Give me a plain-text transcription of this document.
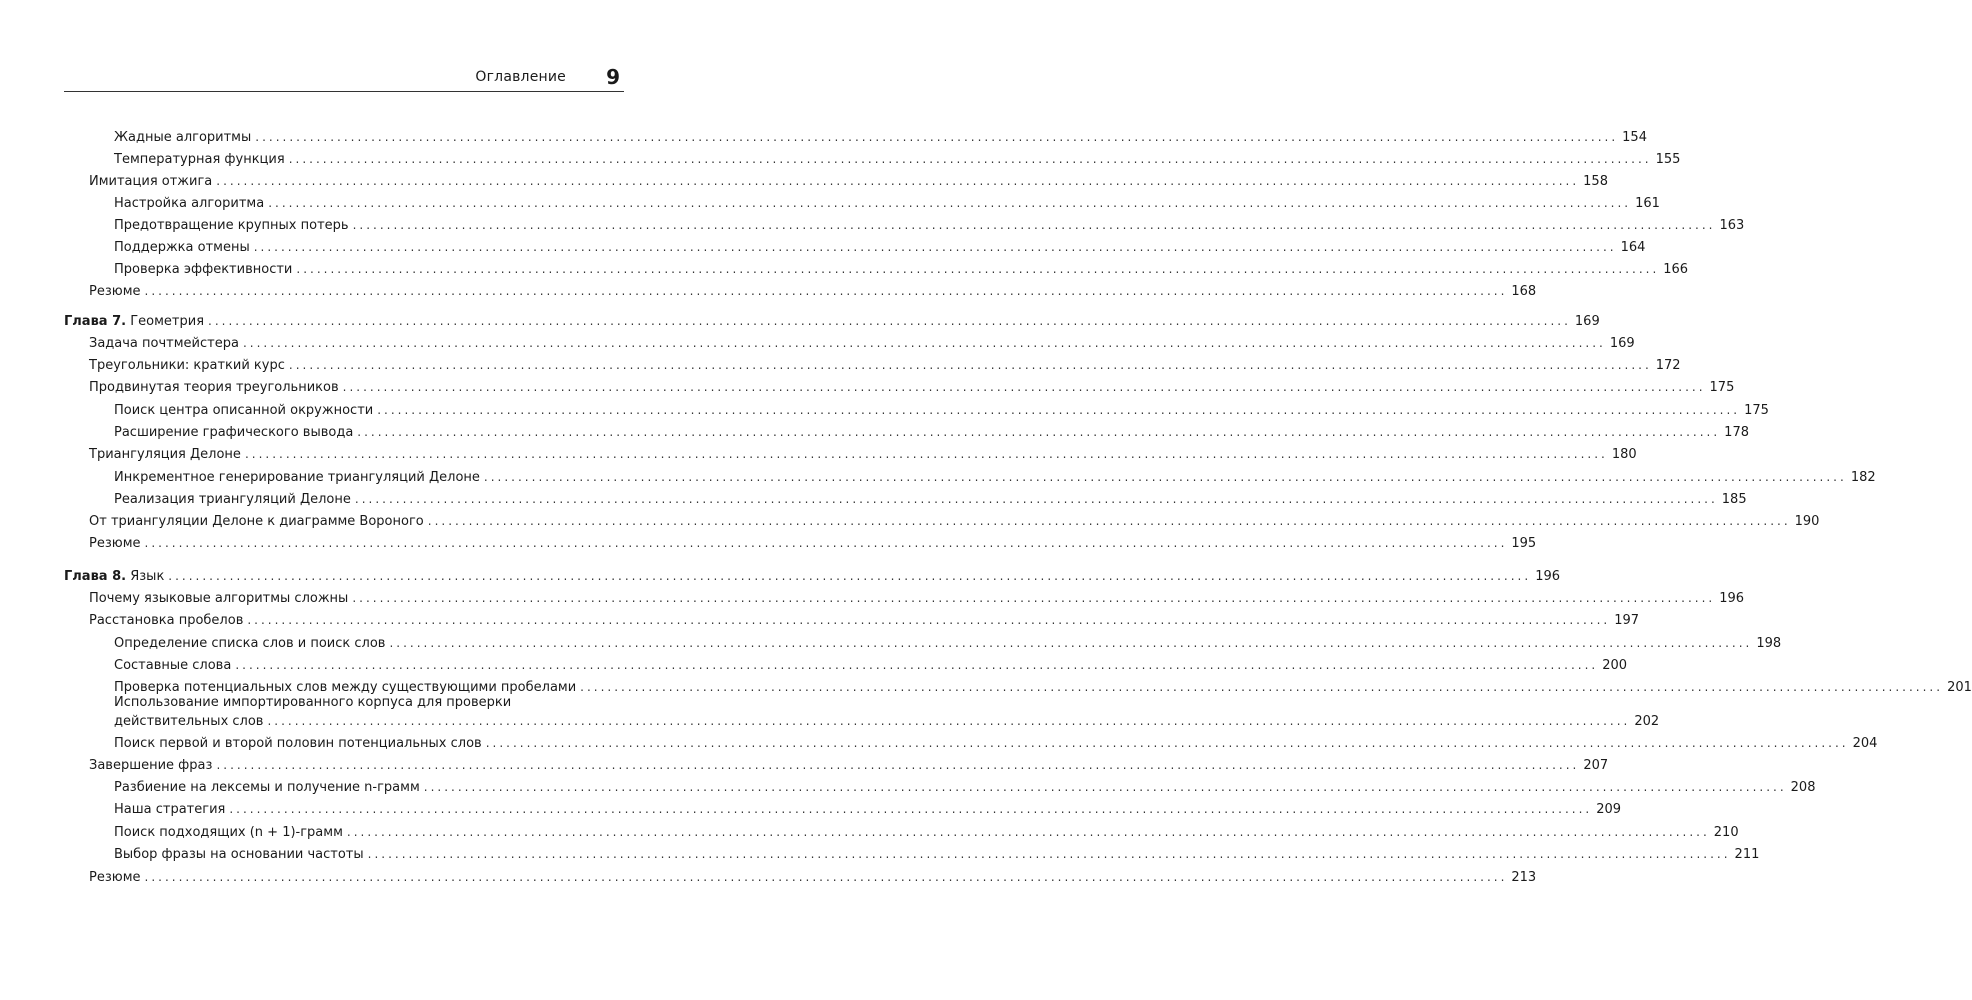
Оглавление 9
Жадные алгоритмы ........................................................................................................................................................................................................ 154
Температурная функция ........................................................................................................................................................................................................ 155
Имитация отжига ........................................................................................................................................................................................................ 158
Настройка алгоритма ........................................................................................................................................................................................................ 161
Предотвращение крупных потерь ........................................................................................................................................................................................................ 163
Поддержка отмены ........................................................................................................................................................................................................ 164
Проверка эффективности ........................................................................................................................................................................................................ 166
Резюме ........................................................................................................................................................................................................ 168
Глава 7. Геометрия ........................................................................................................................................................................................................ 169
Задача почтмейстера ........................................................................................................................................................................................................ 169
Треугольники: краткий курс ........................................................................................................................................................................................................ 172
Продвинутая теория треугольников ........................................................................................................................................................................................................ 175
Поиск центра описанной окружности ........................................................................................................................................................................................................ 175
Расширение графического вывода ........................................................................................................................................................................................................ 178
Триангуляция Делоне ........................................................................................................................................................................................................ 180
Инкрементное генерирование триангуляций Делоне ........................................................................................................................................................................................................ 182
Реализация триангуляций Делоне ........................................................................................................................................................................................................ 185
От триангуляции Делоне к диаграмме Вороного ........................................................................................................................................................................................................ 190
Резюме ........................................................................................................................................................................................................ 195
Глава 8. Язык ........................................................................................................................................................................................................ 196
Почему языковые алгоритмы сложны ........................................................................................................................................................................................................ 196
Расстановка пробелов ........................................................................................................................................................................................................ 197
Определение списка слов и поиск слов ........................................................................................................................................................................................................ 198
Составные слова ........................................................................................................................................................................................................ 200
Проверка потенциальных слов между существующими пробелами ........................................................................................................................................................................................................ 201
Использование импортированного корпуса для проверки
действительных слов ........................................................................................................................................................................................................ 202
Поиск первой и второй половин потенциальных слов ........................................................................................................................................................................................................ 204
Завершение фраз ........................................................................................................................................................................................................ 207
Разбиение на лексемы и получение n-грамм ........................................................................................................................................................................................................ 208
Наша стратегия ........................................................................................................................................................................................................ 209
Поиск подходящих (n + 1)-грамм ........................................................................................................................................................................................................ 210
Выбор фразы на основании частоты ........................................................................................................................................................................................................ 211
Резюме ........................................................................................................................................................................................................ 213
